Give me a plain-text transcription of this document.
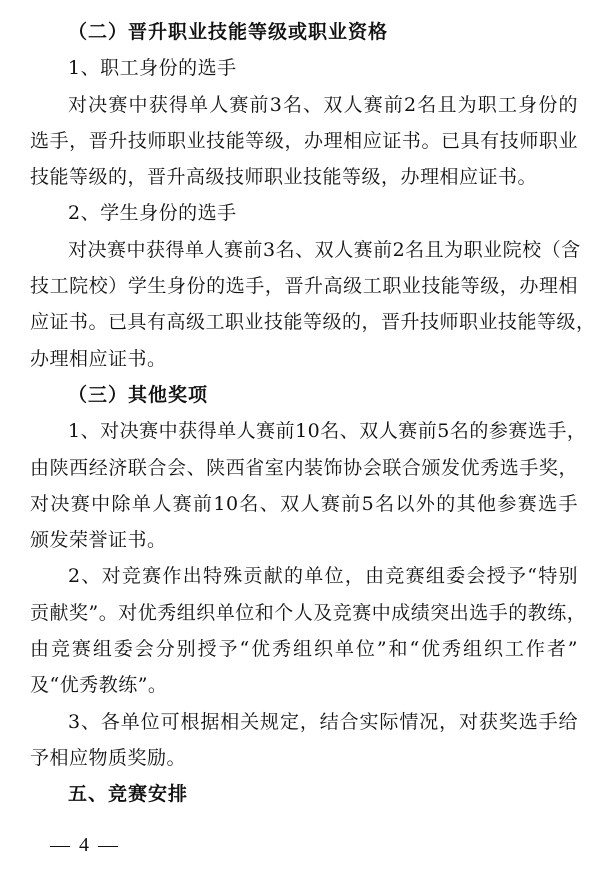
（二）晋升职业技能等级或职业资格
1、职工身份的选手
对决赛中获得单人赛前3名、双人赛前2名且为职工身份的
选手，晋升技师职业技能等级，办理相应证书。已具有技师职业
技能等级的，晋升高级技师职业技能等级，办理相应证书。
2、学生身份的选手
对决赛中获得单人赛前3名、双人赛前2名且为职业院校（含
技工院校）学生身份的选手，晋升高级工职业技能等级，办理相
应证书。已具有高级工职业技能等级的，晋升技师职业技能等级，
办理相应证书。
（三）其他奖项
1、对决赛中获得单人赛前10名、双人赛前5名的参赛选手，
由陕西经济联合会、陕西省室内装饰协会联合颁发优秀选手奖，
对决赛中除单人赛前10名、双人赛前5名以外的其他参赛选手
颁发荣誉证书。
2、对竞赛作出特殊贡献的单位，由竞赛组委会授予“特别
贡献奖”。对优秀组织单位和个人及竞赛中成绩突出选手的教练，
由竞赛组委会分别授予“优秀组织单位”和“优秀组织工作者”
及“优秀教练”。
3、各单位可根据相关规定，结合实际情况，对获奖选手给
予相应物质奖励。
五、竞赛安排
— 4 —
